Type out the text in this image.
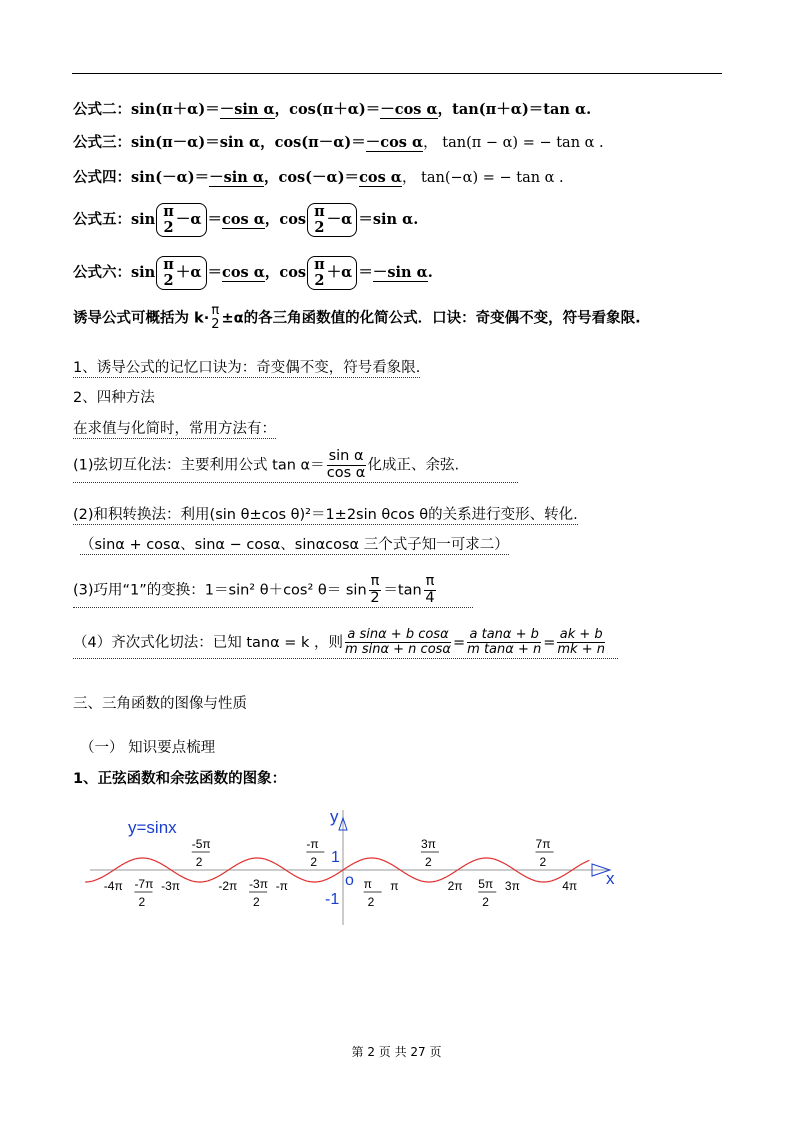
公式二：sin(π＋α)＝－sin α，cos(π＋α)＝－cos α，tan(π＋α)＝tan α.
公式三：sin(π－α)＝sin α，cos(π－α)＝－cos α， tan(π − α) = − tan α .
公式四：sin(－α)＝－sin α，cos(－α)＝cos α， tan(−α) = − tan α .
公式五：sin π
2 －α ＝cos α，cos π
2 －α ＝sin α.
公式六：sin π
2 ＋α ＝cos α，cos π
2 ＋α ＝－sin α.
诱导公式可概括为 k· π
2 ±α的各三角函数值的化简公式．口诀：奇变偶不变，符号看象限.
1、诱导公式的记忆口诀为：奇变偶不变，符号看象限.
2、四种方法
在求值与化简时，常用方法有：
(1)弦切互化法：主要利用公式 $\tan \alpha= \frac{\text{sin α}}{\text{cos α}}$ 化成正、余弦.
(2)和积转换法：利用(sin θ±cos θ)²＝1±2sin θcos θ的关系进行变形、转化.
（sinα + cosα、sinα − cosα、sinαcosα 三个式子知一可求二）
(3)巧用“1”的变换：1＝sin² θ＋cos² $\theta= \sin \frac{\pi}{2} =\tan \frac{\pi}{4}$
（4）齐次式化切法：已知 tanα = k ，则 $\frac{\text{a sinα + b cosα}}{\text{m sinα + n cosα}} = \frac{\text{a tanα + b}}{\text{m tanα + n}} = \frac{ak + b}{mk + n}$
三、三角函数的图像与性质
（一） 知识要点梳理
1、正弦函数和余弦函数的图象：
y=sinx
y
x
o
1
-1
-4π	-3π	-2π	-π	π	2π	3π	4π
-7π
2
-3π
2
π
2
5π
2
-5π
2
-π
2
3π
2
7π
2
第 2 页 共 27 页
